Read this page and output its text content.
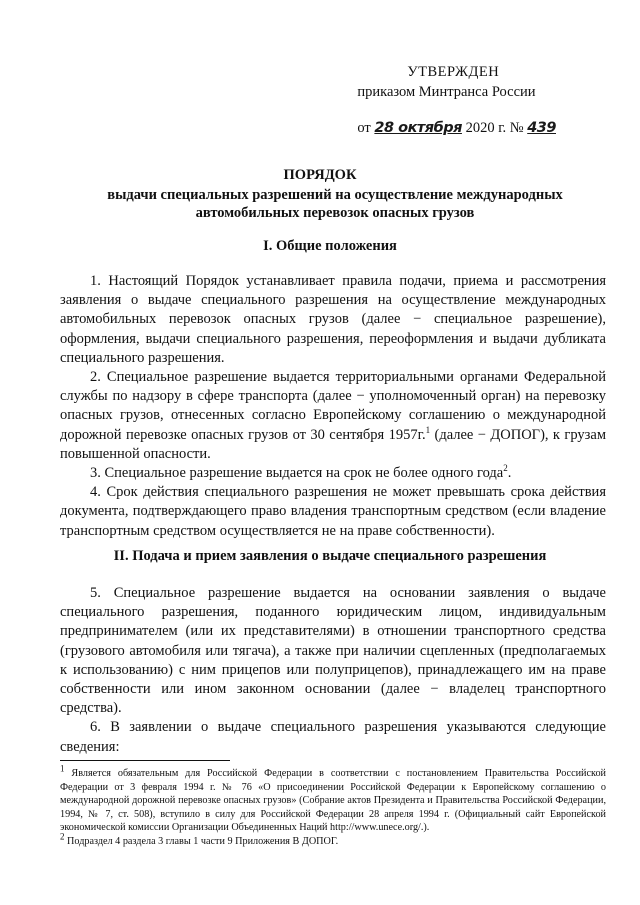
УТВЕРЖДЕН
приказом Минтранса России
от 28 октября 2020 г. № 439
ПОРЯДОК
выдачи специальных разрешений на осуществление международных автомобильных перевозок опасных грузов
I. Общие положения

1. Настоящий Порядок устанавливает правила подачи, приема и рассмотрения заявления о выдаче специального разрешения на осуществление международных автомобильных перевозок опасных грузов (далее − специальное разрешение), оформления, выдачи специального разрешения, переоформления и выдачи дубликата специального разрешения.

2. Специальное разрешение выдается территориальными органами Федеральной службы по надзору в сфере транспорта (далее − уполномоченный орган) на перевозку опасных грузов, отнесенных согласно Европейскому соглашению о международной дорожной перевозке опасных грузов от 30 сентября 1957г.$^1$ (далее − ДОПОГ), к грузам повышенной опасности.

3. Специальное разрешение выдается на срок не более одного года$^2$.

4. Срок действия специального разрешения не может превышать срока действия документа, подтверждающего право владения транспортным средством (если владение транспортным средством осуществляется не на праве собственности).

II. Подача и прием заявления о выдаче специального разрешения

5. Специальное разрешение выдается на основании заявления о выдаче специального разрешения, поданного юридическим лицом, индивидуальным предпринимателем (или их представителями) в отношении транспортного средства (грузового автомобиля или тягача), а также при наличии сцепленных (предполагаемых к использованию) с ним прицепов или полуприцепов), принадлежащего им на праве собственности или ином законном основании (далее − владелец транспортного средства).

6. В заявлении о выдаче специального разрешения указываются следующие сведения:

$^1$ Является обязательным для Российской Федерации в соответствии с постановлением Правительства Российской Федерации от 3 февраля 1994 г. № 76 «О присоединении Российской Федерации к Европейскому соглашению о международной дорожной перевозке опасных грузов» (Собрание актов Президента и Правительства Российской Федерации, 1994, № 7, ст. 508), вступило в силу для Российской Федерации 28 апреля 1994 г. (Официальный сайт Европейской экономической комиссии Организации Объединенных Наций http://www.unece.org/.).

$^2$ Подраздел 4 раздела 3 главы 1 части 9 Приложения В ДОПОГ.
